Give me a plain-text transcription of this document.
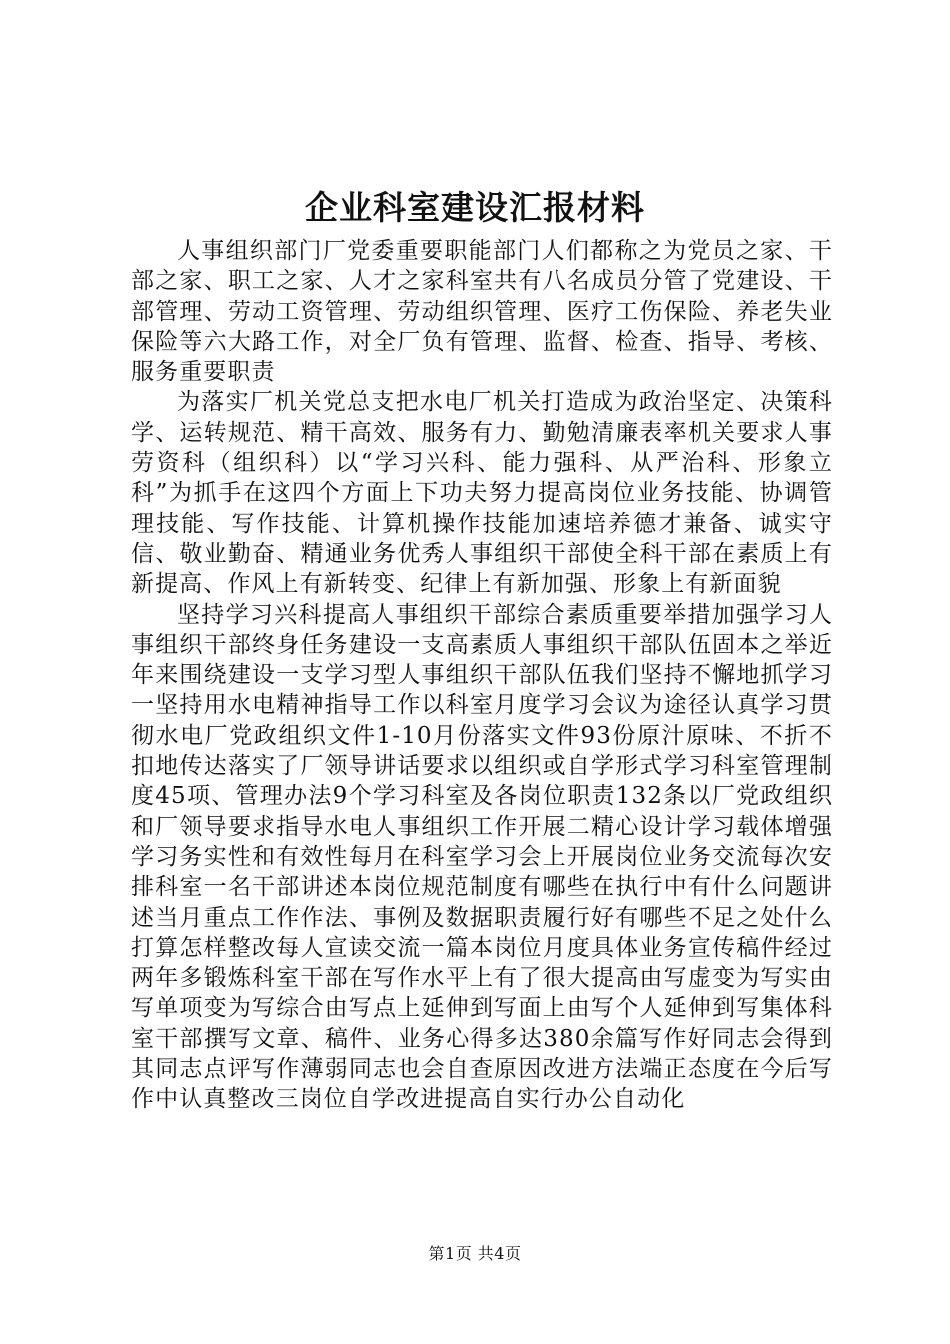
企业科室建设汇报材料

人事组织部门厂党委重要职能部门人们都称之为党员之家、干部之家、职工之家、人才之家科室共有八名成员分管了党建设、干部管理、劳动工资管理、劳动组织管理、医疗工伤保险、养老失业保险等六大路工作，对全厂负有管理、监督、检查、指导、考核、服务重要职责

为落实厂机关党总支把水电厂机关打造成为政治坚定、决策科学、运转规范、精干高效、服务有力、勤勉清廉表率机关要求人事劳资科（组织科）以“学习兴科、能力强科、从严治科、形象立科”为抓手在这四个方面上下功夫努力提高岗位业务技能、协调管理技能、写作技能、计算机操作技能加速培养德才兼备、诚实守信、敬业勤奋、精通业务优秀人事组织干部使全科干部在素质上有新提高、作风上有新转变、纪律上有新加强、形象上有新面貌

坚持学习兴科提高人事组织干部综合素质重要举措加强学习人事组织干部终身任务建设一支高素质人事组织干部队伍固本之举近年来围绕建设一支学习型人事组织干部队伍我们坚持不懈地抓学习一坚持用水电精神指导工作以科室月度学习会议为途径认真学习贯彻水电厂党政组织文件1-10月份落实文件93份原汁原味、不折不扣地传达落实了厂领导讲话要求以组织或自学形式学习科室管理制度45项、管理办法9个学习科室及各岗位职责132条以厂党政组织和厂领导要求指导水电人事组织工作开展二精心设计学习载体增强学习务实性和有效性每月在科室学习会上开展岗位业务交流每次安排科室一名干部讲述本岗位规范制度有哪些在执行中有什么问题讲述当月重点工作作法、事例及数据职责履行好有哪些不足之处什么打算怎样整改每人宣读交流一篇本岗位月度具体业务宣传稿件经过两年多锻炼科室干部在写作水平上有了很大提高由写虚变为写实由写单项变为写综合由写点上延伸到写面上由写个人延伸到写集体科室干部撰写文章、稿件、业务心得多达380余篇写作好同志会得到其同志点评写作薄弱同志也会自查原因改进方法端正态度在今后写作中认真整改三岗位自学改进提高自实行办公自动化

第1页 共4页
